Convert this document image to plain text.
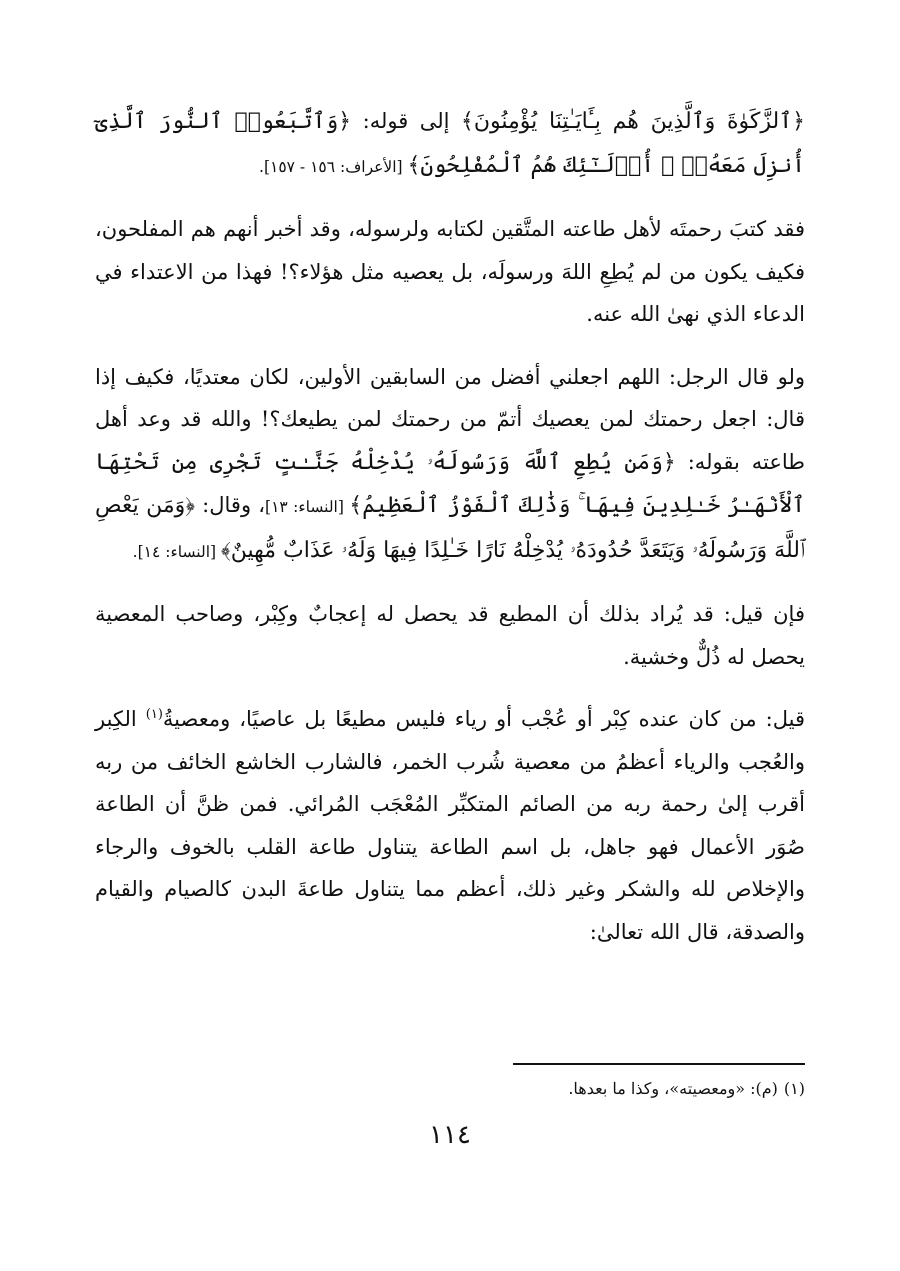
﴿ٱلزَّكَوٰةَ وَٱلَّذِينَ هُم بِـَٔايَـٰتِنَا يُؤْمِنُونَ﴾ إلى قوله: ﴿وَٱتَّبَعُوا۟ ٱلنُّورَ ٱلَّذِىٓ أُنزِلَ مَعَهُۥٓ ۙ أُو۟لَـٰٓئِكَ هُمُ ٱلْمُفْلِحُونَ﴾ [الأعراف: ١٥٦ - ١٥٧].

فقد كتبَ رحمتَه لأهل طاعته المتَّقين لكتابه ولرسوله، وقد أخبر أنهم هم المفلحون، فكيف يكون من لم يُطِعِ اللهَ ورسولَه، بل يعصيه مثل هؤلاء؟! فهذا من الاعتداء في الدعاء الذي نهىٰ الله عنه.

ولو قال الرجل: اللهم اجعلني أفضل من السابقين الأولين، لكان معتديًا، فكيف إذا قال: اجعل رحمتك لمن يعصيك أتمّ من رحمتك لمن يطيعك؟! والله قد وعد أهل طاعته بقوله: ﴿وَمَن يُطِعِ ٱللَّهَ وَرَسُولَهُۥ يُدْخِلْهُ جَنَّـٰتٍ تَجْرِى مِن تَحْتِهَا ٱلْأَنْهَـٰرُ خَـٰلِدِينَ فِيهَا ۚ وَذَٰلِكَ ٱلْفَوْزُ ٱلْعَظِيمُ﴾ [النساء: ١٣]، وقال: ﴿وَمَن يَعْصِ ٱللَّهَ وَرَسُولَهُۥ وَيَتَعَدَّ حُدُودَهُۥ يُدْخِلْهُ نَارًا خَـٰلِدًا فِيهَا وَلَهُۥ عَذَابٌ مُّهِينٌ﴾ [النساء: ١٤].

فإن قيل: قد يُراد بذلك أن المطيع قد يحصل له إعجابٌ وكِبْر، وصاحب المعصية يحصل له ذُلٌّ وخشية.

قيل: من كان عنده كِبْر أو عُجْب أو رياء فليس مطيعًا بل عاصيًا، ومعصيةُ$^{(١)}$ الكِبر والعُجب والرياء أعظمُ من معصية شُرب الخمر، فالشارب الخاشع الخائف من ربه أقرب إلىٰ رحمة ربه من الصائم المتكبِّر المُعْجَب المُرائي. فمن ظنَّ أن الطاعة صُوَر الأعمال فهو جاهل، بل اسم الطاعة يتناول طاعة القلب بالخوف والرجاء والإخلاص لله والشكر وغير ذلك، أعظم مما يتناول طاعةَ البدن كالصيام والقيام والصدقة، قال الله تعالىٰ:

(١)(م): «ومعصيته»، وكذا ما بعدها.
١١٤
